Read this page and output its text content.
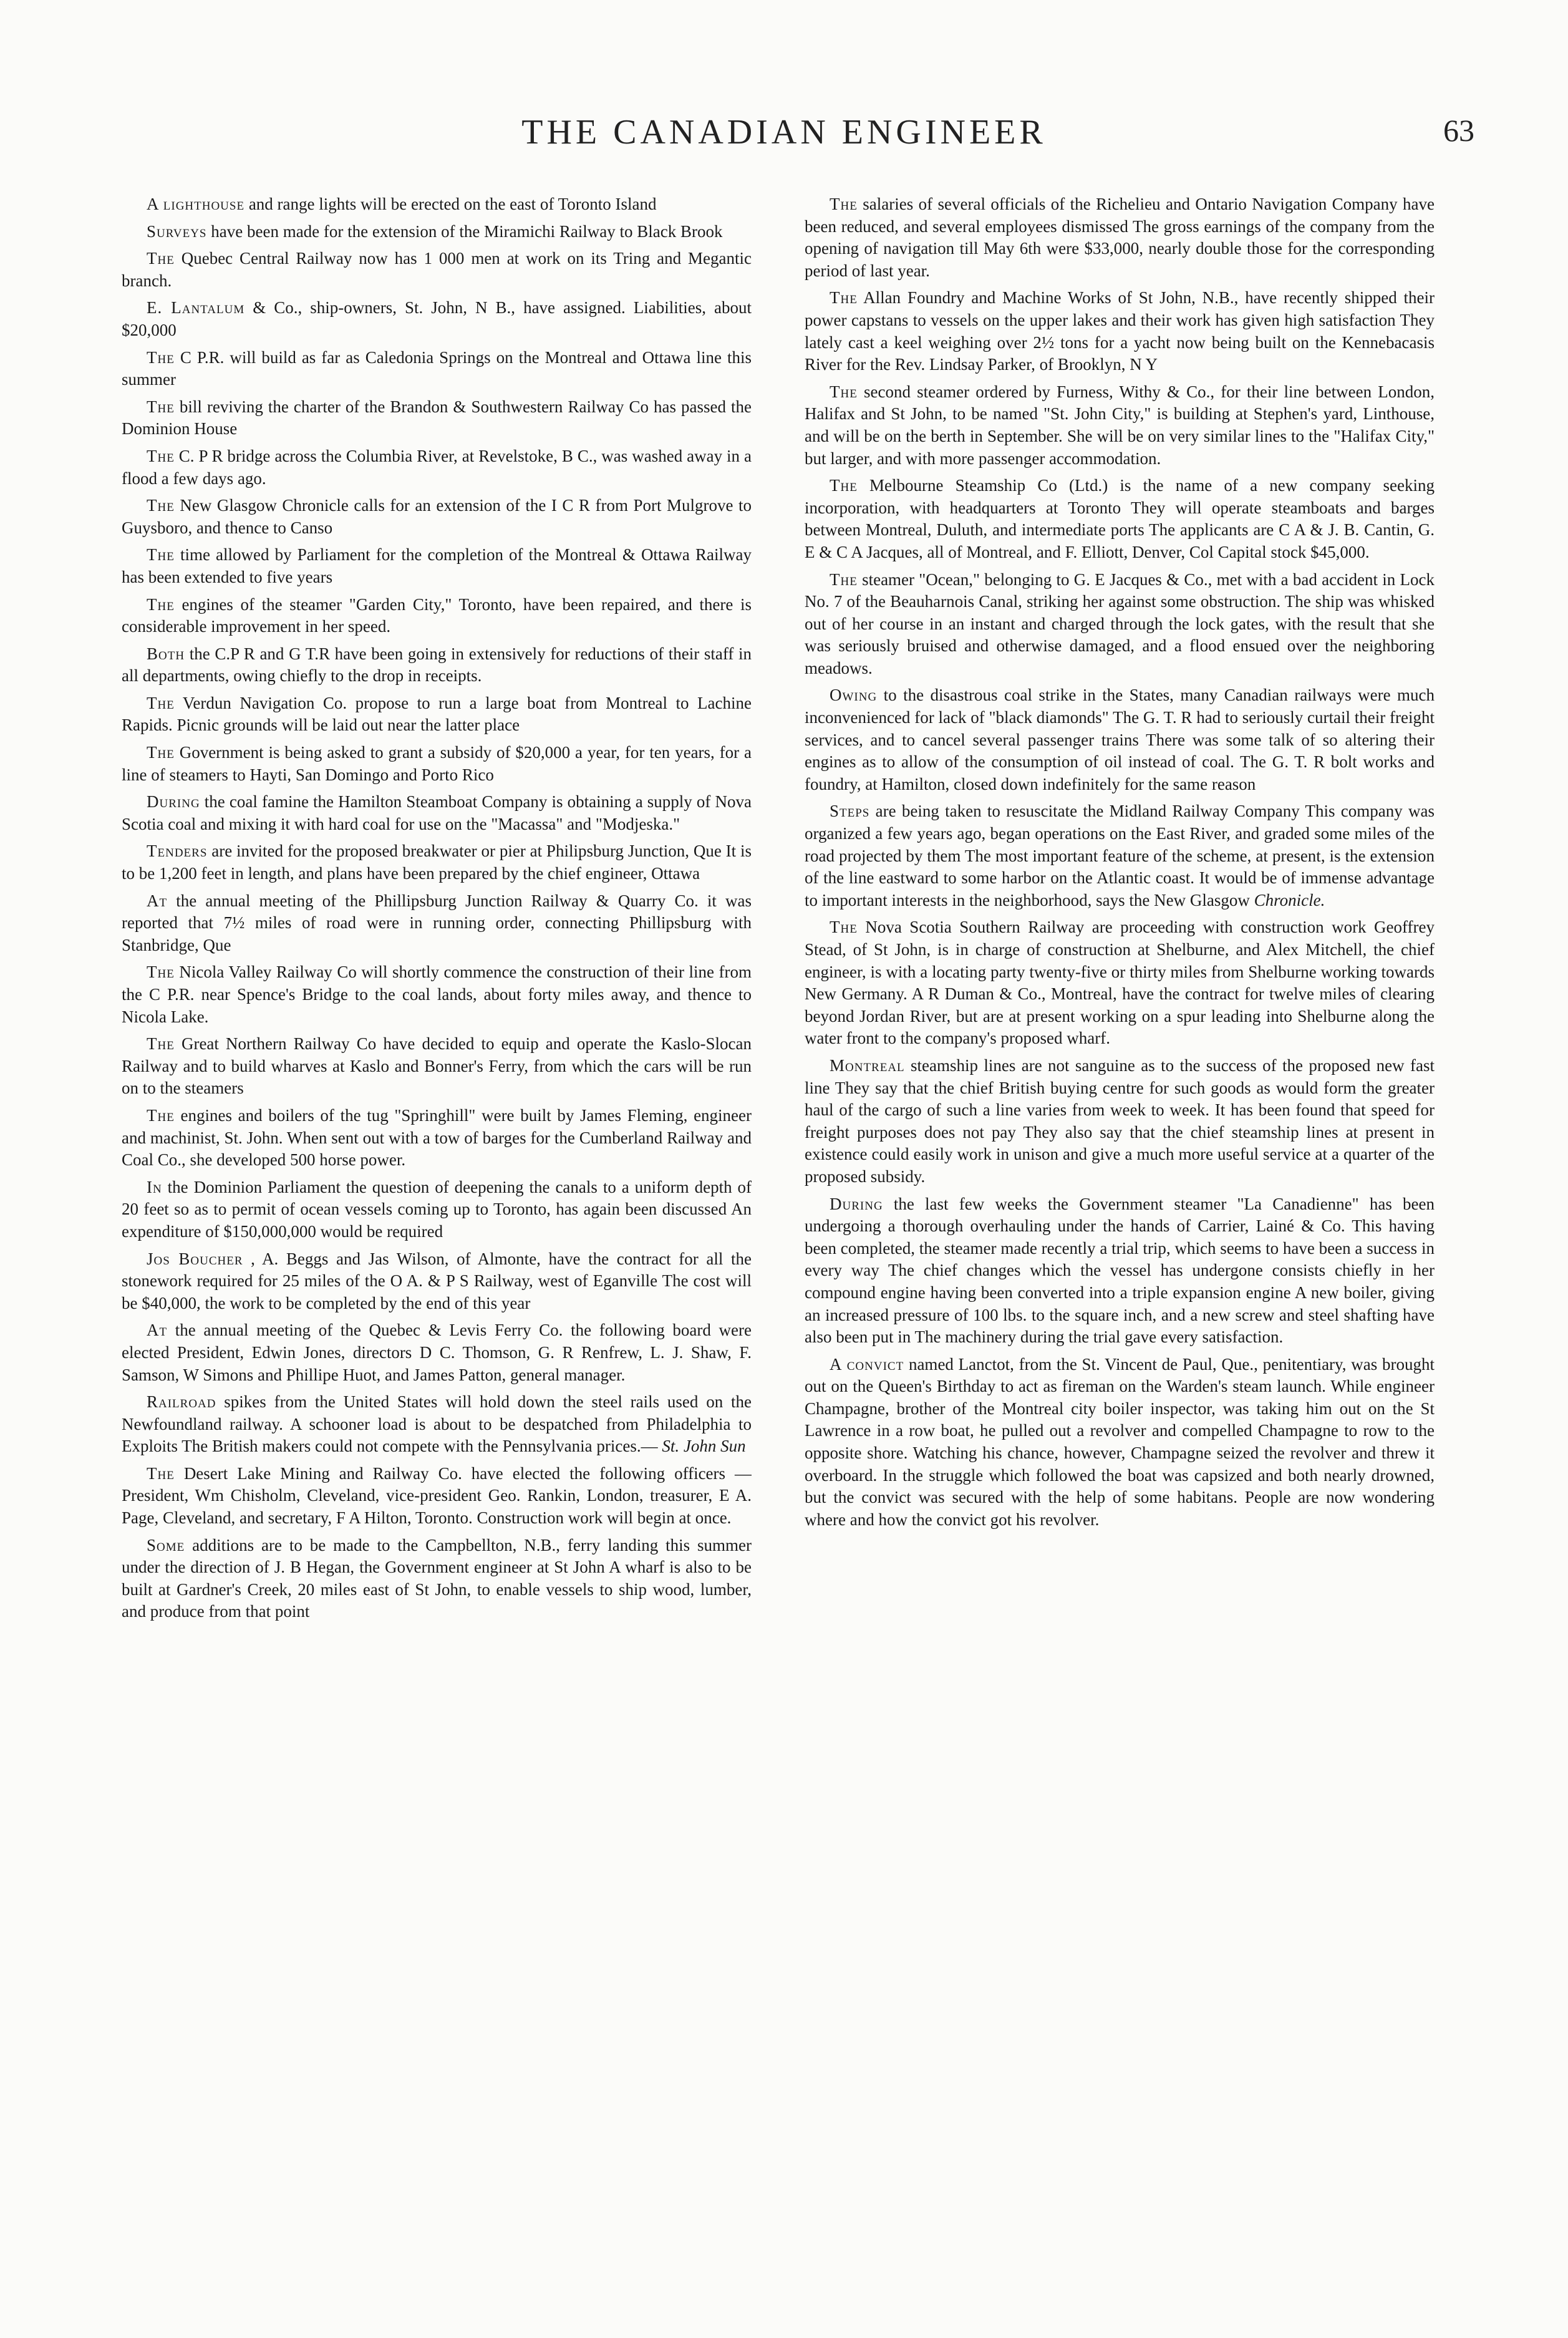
THE CANADIAN ENGINEER	63

A lighthouse and range lights will be erected on the east of Toronto Island

Surveys have been made for the extension of the Miramichi Railway to Black Brook

The Quebec Central Railway now has 1 000 men at work on its Tring and Megantic branch.

E. Lantalum & Co., ship-owners, St. John, N B., have assigned. Liabilities, about $20,000

The C P.R. will build as far as Caledonia Springs on the Montreal and Ottawa line this summer

The bill reviving the charter of the Brandon & Southwestern Railway Co has passed the Dominion House

The C. P R bridge across the Columbia River, at Revelstoke, B C., was washed away in a flood a few days ago.

The New Glasgow Chronicle calls for an extension of the I C R from Port Mulgrove to Guysboro, and thence to Canso

The time allowed by Parliament for the completion of the Montreal & Ottawa Railway has been extended to five years

The engines of the steamer "Garden City," Toronto, have been repaired, and there is considerable improvement in her speed.

Both the C.P R and G T.R have been going in extensively for reductions of their staff in all departments, owing chiefly to the drop in receipts.

The Verdun Navigation Co. propose to run a large boat from Montreal to Lachine Rapids. Picnic grounds will be laid out near the latter place

The Government is being asked to grant a subsidy of $20,000 a year, for ten years, for a line of steamers to Hayti, San Domingo and Porto Rico

During the coal famine the Hamilton Steamboat Company is obtaining a supply of Nova Scotia coal and mixing it with hard coal for use on the "Macassa" and "Modjeska."

Tenders are invited for the proposed breakwater or pier at Philipsburg Junction, Que It is to be 1,200 feet in length, and plans have been prepared by the chief engineer, Ottawa

At the annual meeting of the Phillipsburg Junction Railway & Quarry Co. it was reported that 7½ miles of road were in running order, connecting Phillipsburg with Stanbridge, Que

The Nicola Valley Railway Co will shortly commence the construction of their line from the C P.R. near Spence's Bridge to the coal lands, about forty miles away, and thence to Nicola Lake.

The Great Northern Railway Co have decided to equip and operate the Kaslo-Slocan Railway and to build wharves at Kaslo and Bonner's Ferry, from which the cars will be run on to the steamers

The engines and boilers of the tug "Springhill" were built by James Fleming, engineer and machinist, St. John. When sent out with a tow of barges for the Cumberland Railway and Coal Co., she developed 500 horse power.

In the Dominion Parliament the question of deepening the canals to a uniform depth of 20 feet so as to permit of ocean vessels coming up to Toronto, has again been discussed An expenditure of $150,000,000 would be required

Jos Boucher , A. Beggs and Jas Wilson, of Almonte, have the contract for all the stonework required for 25 miles of the O A. & P S Railway, west of Eganville The cost will be $40,000, the work to be completed by the end of this year

At the annual meeting of the Quebec & Levis Ferry Co. the following board were elected President, Edwin Jones, directors D C. Thomson, G. R Renfrew, L. J. Shaw, F. Samson, W Simons and Phillipe Huot, and James Patton, general manager.

Railroad spikes from the United States will hold down the steel rails used on the Newfoundland railway. A schooner load is about to be despatched from Philadelphia to Exploits The British makers could not compete with the Pennsylvania prices.— St. John Sun

The Desert Lake Mining and Railway Co. have elected the following officers —President, Wm Chisholm, Cleveland, vice-president Geo. Rankin, London, treasurer, E A. Page, Cleveland, and secretary, F A Hilton, Toronto. Construction work will begin at once.

Some additions are to be made to the Campbellton, N.B., ferry landing this summer under the direction of J. B Hegan, the Government engineer at St John A wharf is also to be built at Gardner's Creek, 20 miles east of St John, to enable vessels to ship wood, lumber, and produce from that point

The salaries of several officials of the Richelieu and Ontario Navigation Company have been reduced, and several employees dismissed The gross earnings of the company from the opening of navigation till May 6th were $33,000, nearly double those for the corresponding period of last year.

The Allan Foundry and Machine Works of St John, N.B., have recently shipped their power capstans to vessels on the upper lakes and their work has given high satisfaction They lately cast a keel weighing over 2½ tons for a yacht now being built on the Kennebacasis River for the Rev. Lindsay Parker, of Brooklyn, N Y

The second steamer ordered by Furness, Withy & Co., for their line between London, Halifax and St John, to be named "St. John City," is building at Stephen's yard, Linthouse, and will be on the berth in September. She will be on very similar lines to the "Halifax City," but larger, and with more passenger accommodation.

The Melbourne Steamship Co (Ltd.) is the name of a new company seeking incorporation, with headquarters at Toronto They will operate steamboats and barges between Montreal, Duluth, and intermediate ports The applicants are C A & J. B. Cantin, G. E & C A Jacques, all of Montreal, and F. Elliott, Denver, Col Capital stock $45,000.

The steamer "Ocean," belonging to G. E Jacques & Co., met with a bad accident in Lock No. 7 of the Beauharnois Canal, striking her against some obstruction. The ship was whisked out of her course in an instant and charged through the lock gates, with the result that she was seriously bruised and otherwise damaged, and a flood ensued over the neighboring meadows.

Owing to the disastrous coal strike in the States, many Canadian railways were much inconvenienced for lack of "black diamonds" The G. T. R had to seriously curtail their freight services, and to cancel several passenger trains There was some talk of so altering their engines as to allow of the consumption of oil instead of coal. The G. T. R bolt works and foundry, at Hamilton, closed down indefinitely for the same reason

Steps are being taken to resuscitate the Midland Railway Company This company was organized a few years ago, began operations on the East River, and graded some miles of the road projected by them The most important feature of the scheme, at present, is the extension of the line eastward to some harbor on the Atlantic coast. It would be of immense advantage to important interests in the neighborhood, says the New Glasgow Chronicle.

The Nova Scotia Southern Railway are proceeding with construction work Geoffrey Stead, of St John, is in charge of construction at Shelburne, and Alex Mitchell, the chief engineer, is with a locating party twenty-five or thirty miles from Shelburne working towards New Germany. A R Duman & Co., Montreal, have the contract for twelve miles of clearing beyond Jordan River, but are at present working on a spur leading into Shelburne along the water front to the company's proposed wharf.

Montreal steamship lines are not sanguine as to the success of the proposed new fast line They say that the chief British buying centre for such goods as would form the greater haul of the cargo of such a line varies from week to week. It has been found that speed for freight purposes does not pay They also say that the chief steamship lines at present in existence could easily work in unison and give a much more useful service at a quarter of the proposed subsidy.

During the last few weeks the Government steamer "La Canadienne" has been undergoing a thorough overhauling under the hands of Carrier, Lainé & Co. This having been completed, the steamer made recently a trial trip, which seems to have been a success in every way The chief changes which the vessel has undergone consists chiefly in her compound engine having been converted into a triple expansion engine A new boiler, giving an increased pressure of 100 lbs. to the square inch, and a new screw and steel shafting have also been put in The machinery during the trial gave every satisfaction.

A convict named Lanctot, from the St. Vincent de Paul, Que., penitentiary, was brought out on the Queen's Birthday to act as fireman on the Warden's steam launch. While engineer Champagne, brother of the Montreal city boiler inspector, was taking him out on the St Lawrence in a row boat, he pulled out a revolver and compelled Champagne to row to the opposite shore. Watching his chance, however, Champagne seized the revolver and threw it overboard. In the struggle which followed the boat was capsized and both nearly drowned, but the convict was secured with the help of some habitans. People are now wondering where and how the convict got his revolver.
